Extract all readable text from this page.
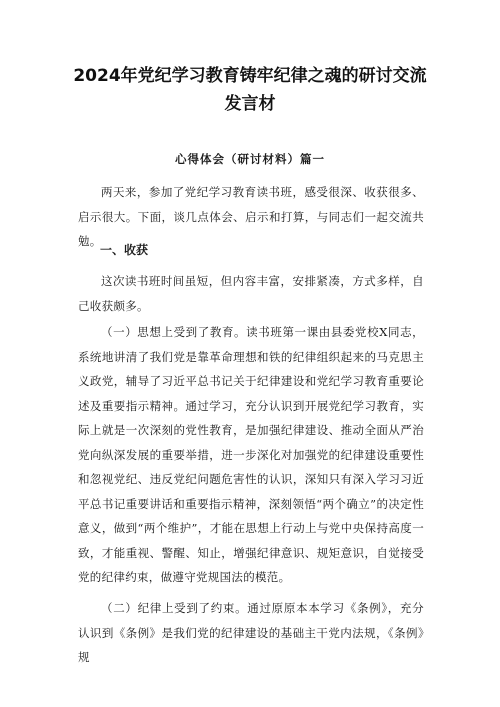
2024年党纪学习教育铸牢纪律之魂的研讨交流发言材
心得体会（研讨材料）篇一

两天来，参加了党纪学习教育读书班，感受很深、收获很多、启示很大。下面，谈几点体会、启示和打算，与同志们一起交流共勉。

一、收获

这次读书班时间虽短，但内容丰富，安排紧凑，方式多样，自己收获颇多。

（一）思想上受到了教育。读书班第一课由县委党校X同志，系统地讲清了我们党是靠革命理想和铁的纪律组织起来的马克思主义政党，辅导了习近平总书记关于纪律建设和党纪学习教育重要论述及重要指示精神。通过学习，充分认识到开展党纪学习教育，实际上就是一次深刻的党性教育，是加强纪律建设、推动全面从严治党向纵深发展的重要举措，进一步深化对加强党的纪律建设重要性和忽视党纪、违反党纪问题危害性的认识，深知只有深入学习习近平总书记重要讲话和重要指示精神，深刻领悟“两个确立”的决定性意义，做到“两个维护”，才能在思想上行动上与党中央保持高度一致，才能重视、警醒、知止，增强纪律意识、规矩意识，自觉接受党的纪律约束，做遵守党规国法的模范。

（二）纪律上受到了约束。通过原原本本学习《条例》，充分认识到《条例》是我们党的纪律建设的基础主干党内法规，《条例》规
